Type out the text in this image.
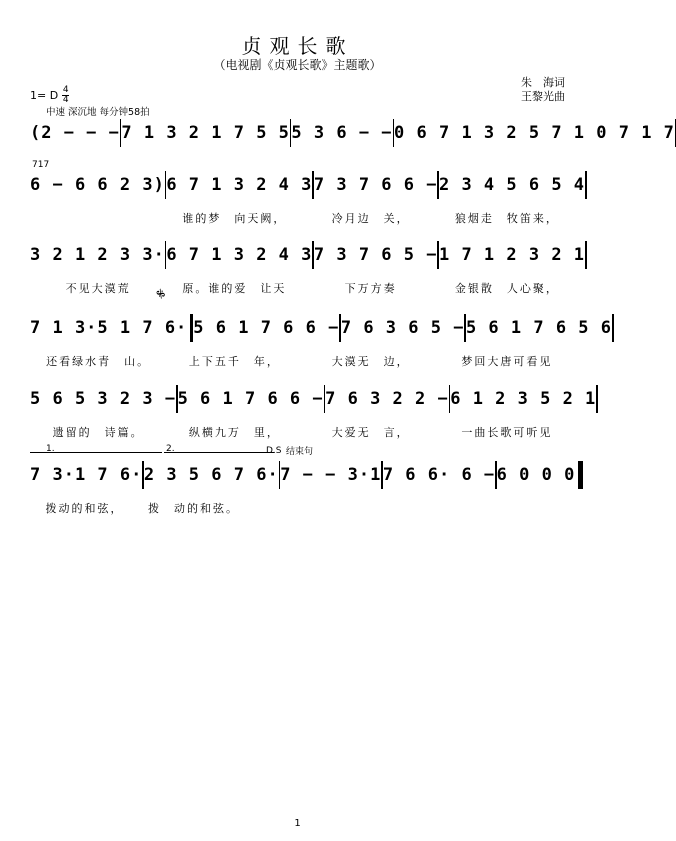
贞观长歌
（电视剧《贞观长歌》主题歌）
朱　海词
王黎光曲
1= D 4
4
中速 深沉地 每分钟58拍
(2 − − − 7 1 3 2 1 7 5 5 5 3 6 − − 0 6 7 1 3 2 5 7 1 0 7 1 7
717
6 − 6 6 2 3) 6 7 1 3 2 4 3 7 3 7 6 6 − 2 3 4 5 6 5 4
谁的梦　向天阙，	冷月边　关，	狼烟走　牧笛来，
𝄋
3 2 1 2 3 3· 6 7 1 3 2 4 3 7 3 7 6 5 − 1 7 1 2 3 2 1
不见大漠荒	原。谁的爱　让天	下万方奏	金银散　人心聚，
7 1 3·5 1 7 6· 5 6 1 7 6 6 − 7 6 3 6 5 − 5 6 1 7 6 5 6
还看绿水青　山。	上下五千　年，	大漠无　边，	梦回大唐可看见
5 6 5 3 2 3 − 5 6 1 7 6 6 − 7 6 3 2 2 − 6 1 2 3 5 2 1
遗留的　诗篇。	纵横九万　里，	大爱无　言，	一曲长歌可听见
1.	2.	D.S 结束句
7 3·1 7 6· 2 3 5 6 7 6· 7 − − 3·1 7 6 6· 6 − 6 0 0 0
拨动的和弦，	拨　动的和弦。
1
